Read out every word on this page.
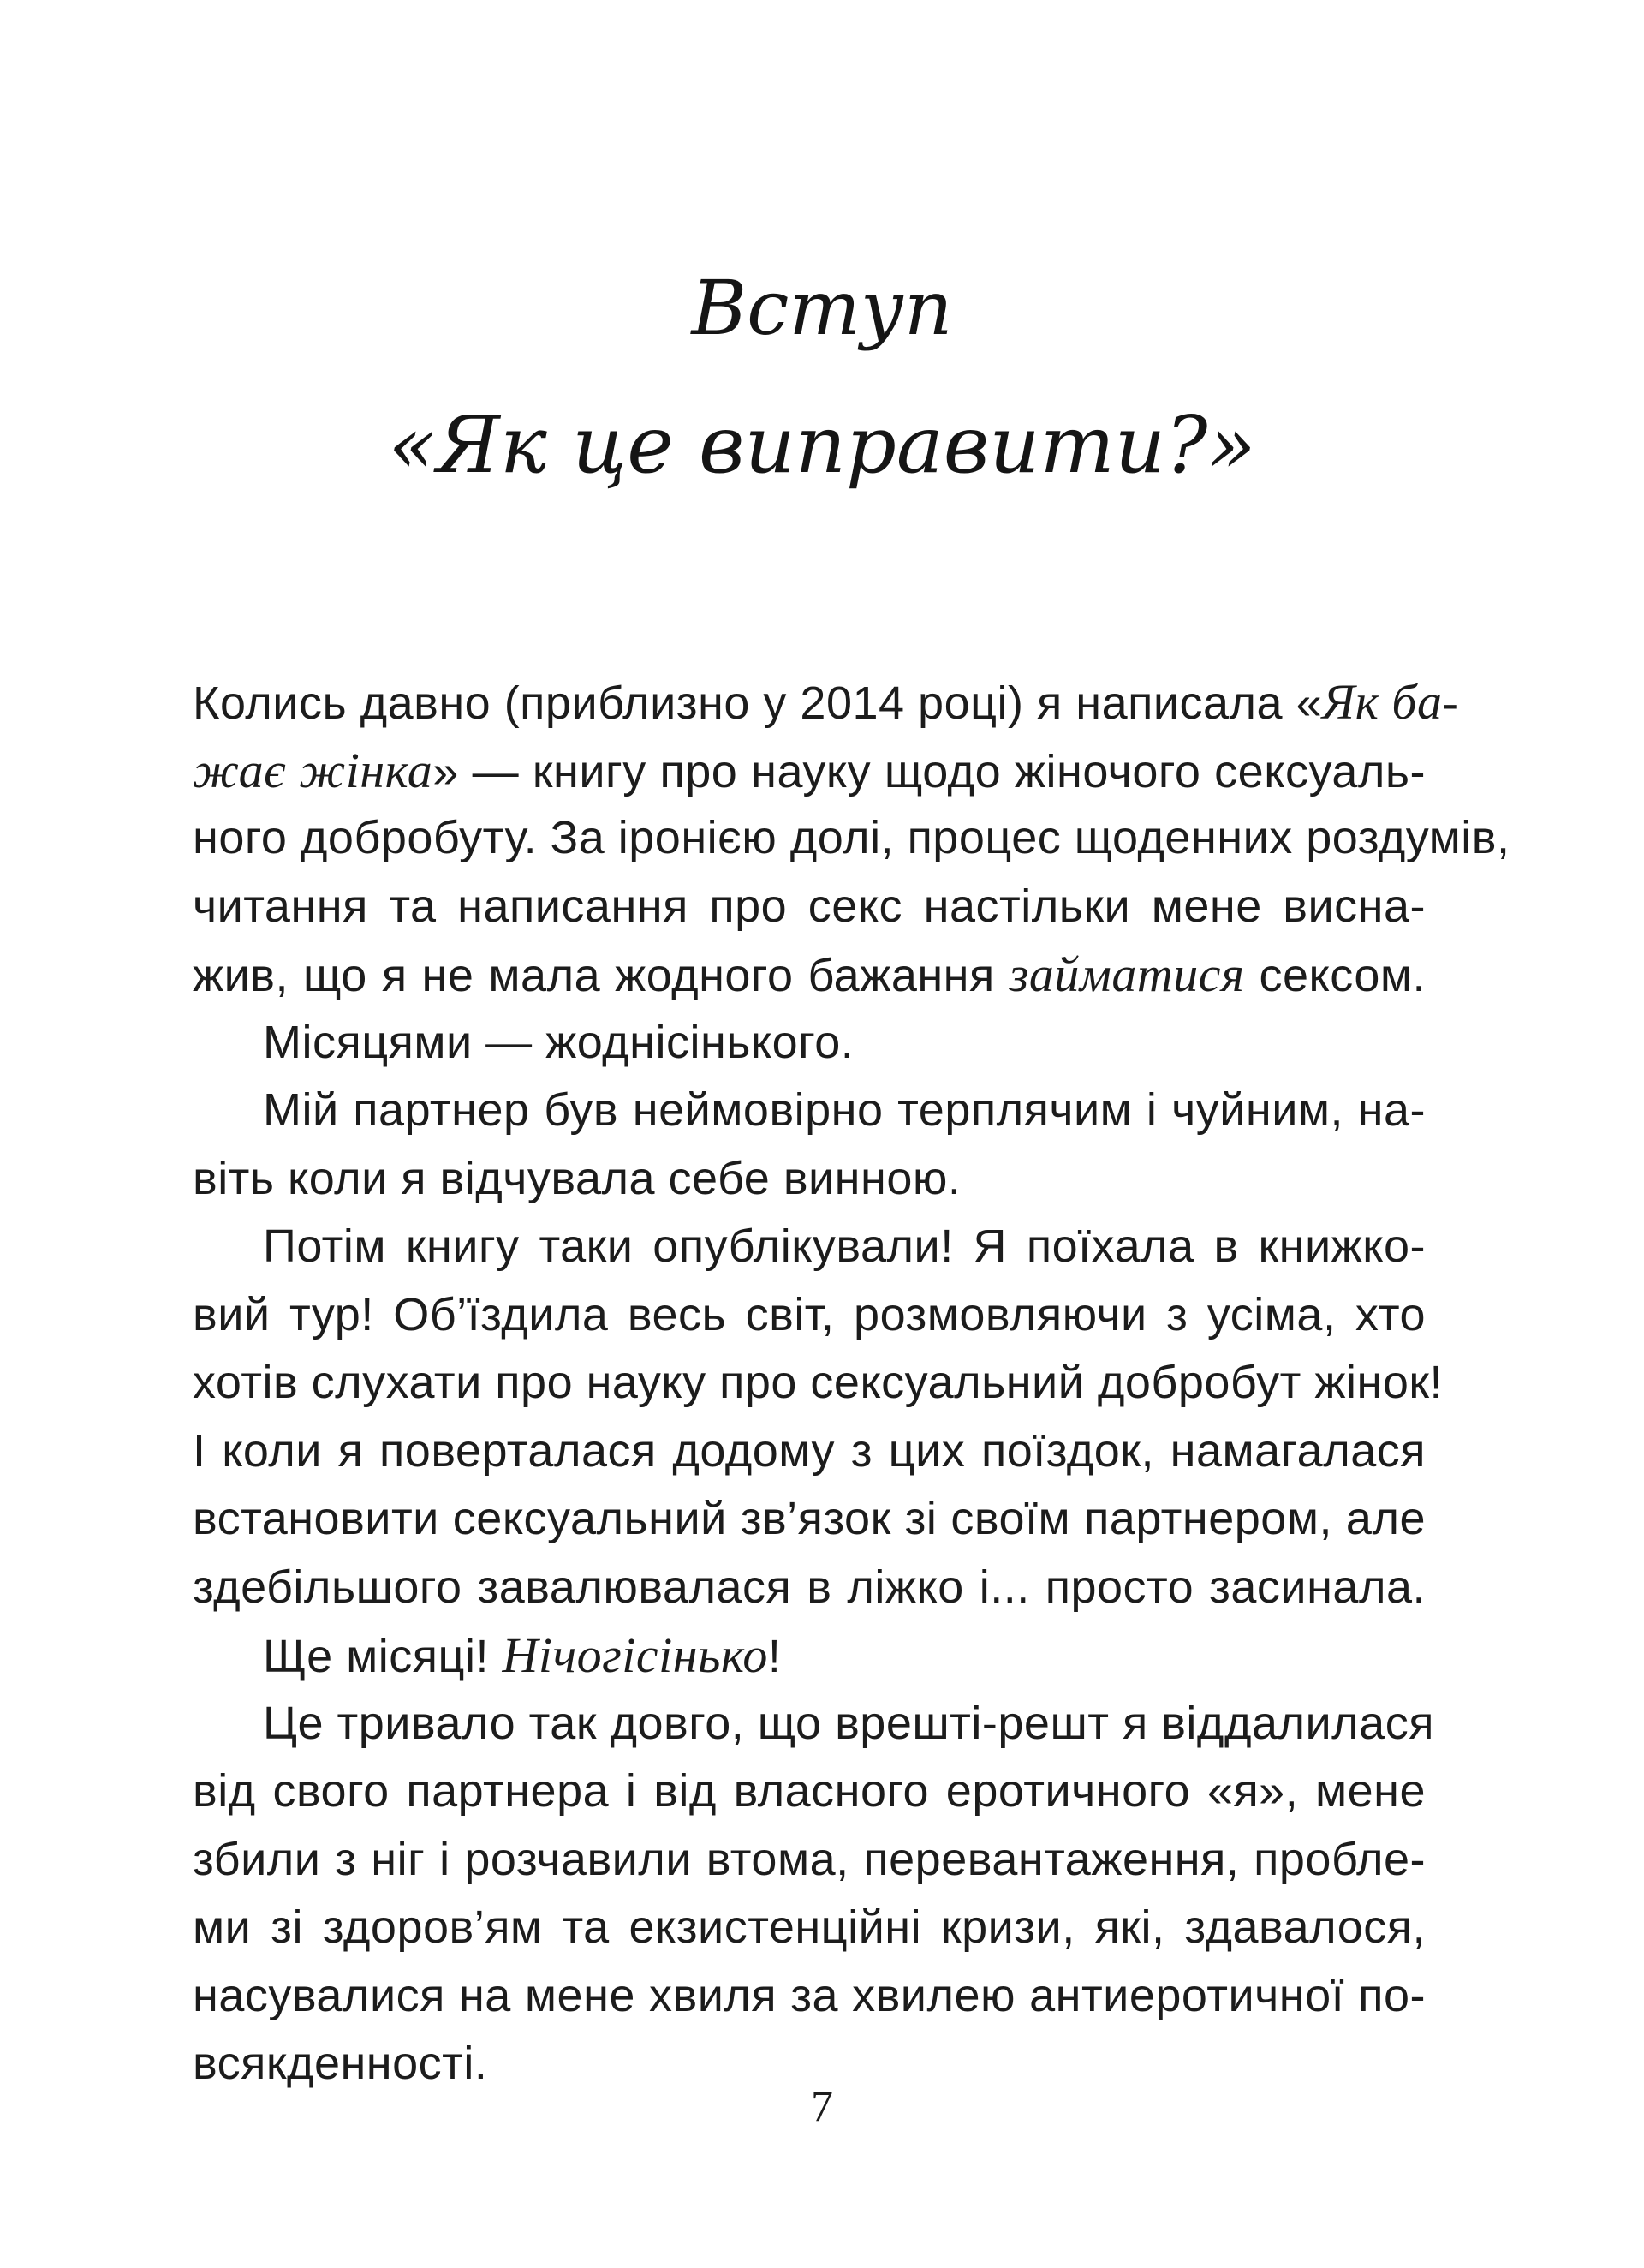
Вступ
«Як це виправити?»
Колись давно (приблизно у 2014 році) я написала «Як ба-
жає жінка» — книгу про науку щодо жіночого сексуаль-
ного добробуту. За іронією долі, процес щоденних роздумів,
читання та написання про секс настільки мене висна-
жив, що я не мала жодного бажання займатися сексом.
Місяцями — жоднісінького.
Мій партнер був неймовірно терплячим і чуйним, на-
віть коли я відчувала себе винною.
Потім книгу таки опублікували! Я поїхала в книжко-
вий тур! Об’їздила весь світ, розмовляючи з усіма, хто
хотів слухати про науку про сексуальний добробут жінок!
І коли я поверталася додому з цих поїздок, намагалася
встановити сексуальний зв’язок зі своїм партнером, але
здебільшого завалювалася в ліжко і... просто засинала.
Ще місяці! Нічогісінько!
Це тривало так довго, що врешті-решт я віддалилася
від свого партнера і від власного еротичного «я», мене
збили з ніг і розчавили втома, перевантаження, пробле-
ми зі здоров’ям та екзистенційні кризи, які, здавалося,
насувалися на мене хвиля за хвилею антиеротичної по-
всякденності.
7
